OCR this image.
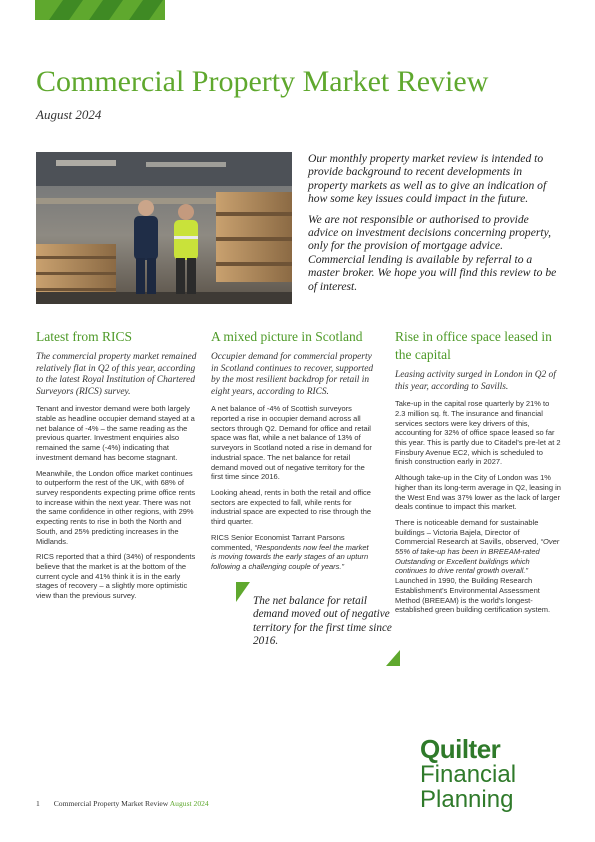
Commercial Property Market Review
August 2024

Our monthly property market review is intended to provide background to recent developments in property markets as well as to give an indication of how some key issues could impact in the future.

We are not responsible or authorised to provide advice on investment decisions concerning property, only for the provision of mortgage advice. Commercial lending is available by referral to a master broker. We hope you will find this review to be of interest.

Latest from RICS

The commercial property market remained relatively flat in Q2 of this year, according to the latest Royal Institution of Chartered Surveyors (RICS) survey.

Tenant and investor demand were both largely stable as headline occupier demand stayed at a net balance of -4% – the same reading as the previous quarter. Investment enquiries also remained the same (-4%) indicating that investment demand has become stagnant.

Meanwhile, the London office market continues to outperform the rest of the UK, with 68% of survey respondents expecting prime office rents to increase within the next year. There was not the same confidence in other regions, with 29% expecting rents to rise in both the North and South, and 25% predicting increases in the Midlands.

RICS reported that a third (34%) of respondents believe that the market is at the bottom of the current cycle and 41% think it is in the early stages of recovery – a slightly more optimistic view than the previous survey.

A mixed picture in Scotland

Occupier demand for commercial property in Scotland continues to recover, supported by the most resilient backdrop for retail in eight years, according to RICS.

A net balance of -4% of Scottish surveyors reported a rise in occupier demand across all sectors through Q2. Demand for office and retail space was flat, while a net balance of 13% of surveyors in Scotland noted a rise in demand for industrial space. The net balance for retail demand moved out of negative territory for the first time since 2016.

Looking ahead, rents in both the retail and office sectors are expected to fall, while rents for industrial space are expected to rise through the third quarter.

RICS Senior Economist Tarrant Parsons commented, “Respondents now feel the market is moving towards the early stages of an upturn following a challenging couple of years.”

Rise in office space leased in the capital

Leasing activity surged in London in Q2 of this year, according to Savills.

Take-up in the capital rose quarterly by 21% to 2.3 million sq. ft. The insurance and financial services sectors were key drivers of this, accounting for 32% of office space leased so far this year. This is partly due to Citadel's pre-let at 2 Finsbury Avenue EC2, which is scheduled to finish construction early in 2027.

Although take-up in the City of London was 1% higher than its long-term average in Q2, leasing in the West End was 37% lower as the lack of larger deals continue to impact this market.

There is noticeable demand for sustainable buildings – Victoria Bajela, Director of Commercial Research at Savills, observed, “Over 55% of take-up has been in BREEAM-rated Outstanding or Excellent buildings which continues to drive rental growth overall.” Launched in 1990, the Building Research Establishment's Environmental Assessment Method (BREEAM) is the world's longest-established green building certification system.

The net balance for retail demand moved out of negative territory for the first time since 2016.
Quilter
Financial
Planning
1 Commercial Property Market Review August 2024
